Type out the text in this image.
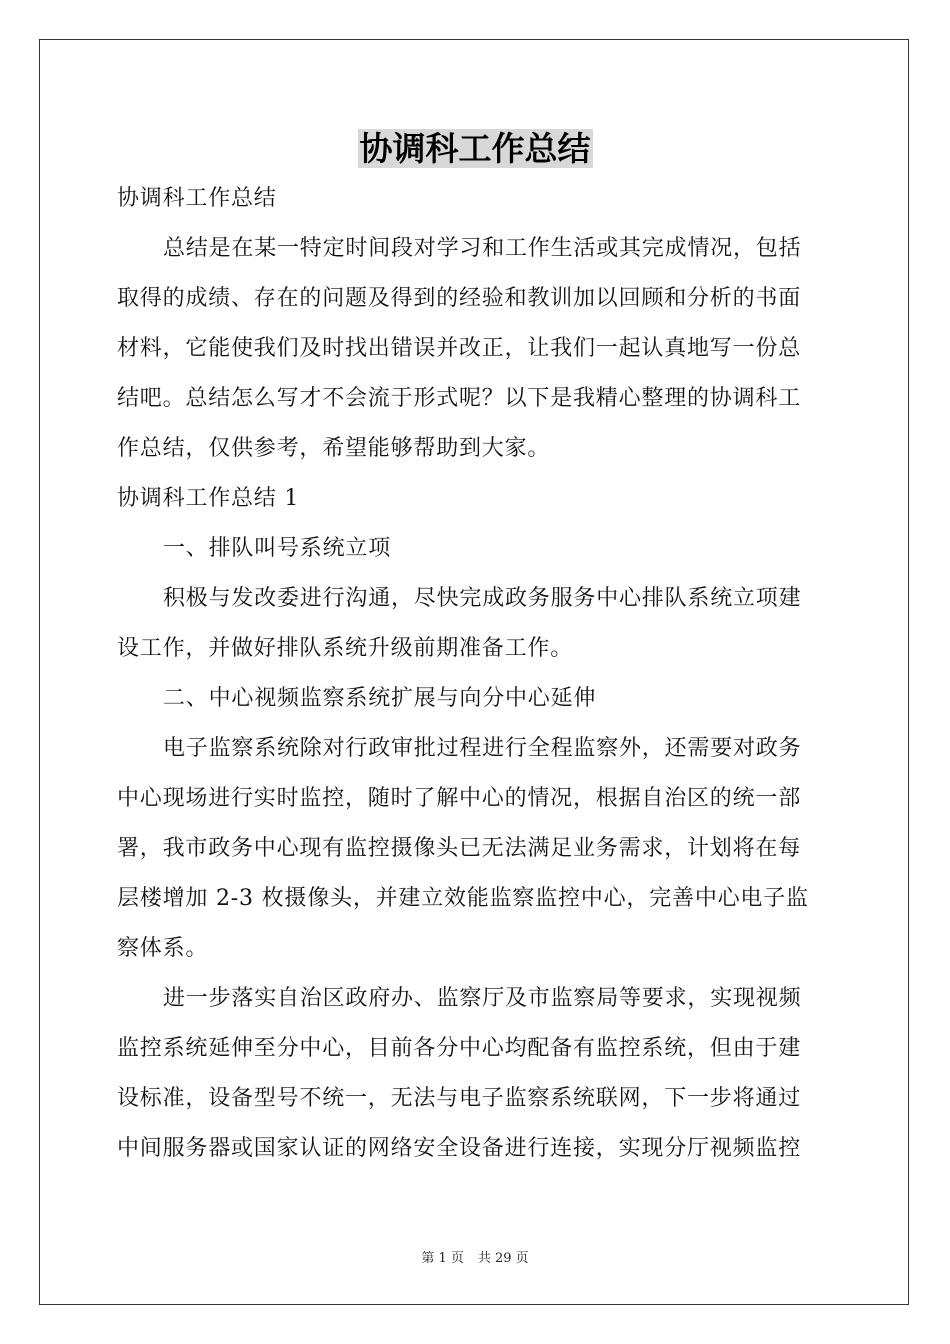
协调科工作总结
协调科工作总结
总结是在某一特定时间段对学习和工作生活或其完成情况，包括
取得的成绩、存在的问题及得到的经验和教训加以回顾和分析的书面
材料，它能使我们及时找出错误并改正，让我们一起认真地写一份总
结吧。总结怎么写才不会流于形式呢？以下是我精心整理的协调科工
作总结，仅供参考，希望能够帮助到大家。
协调科工作总结 1
一、排队叫号系统立项
积极与发改委进行沟通，尽快完成政务服务中心排队系统立项建
设工作，并做好排队系统升级前期准备工作。
二、中心视频监察系统扩展与向分中心延伸
电子监察系统除对行政审批过程进行全程监察外，还需要对政务
中心现场进行实时监控，随时了解中心的情况，根据自治区的统一部
署，我市政务中心现有监控摄像头已无法满足业务需求，计划将在每
层楼增加 2-3 枚摄像头，并建立效能监察监控中心，完善中心电子监
察体系。
进一步落实自治区政府办、监察厅及市监察局等要求，实现视频
监控系统延伸至分中心，目前各分中心均配备有监控系统，但由于建
设标准，设备型号不统一，无法与电子监察系统联网，下一步将通过
中间服务器或国家认证的网络安全设备进行连接，实现分厅视频监控
第 1 页 共 29 页
